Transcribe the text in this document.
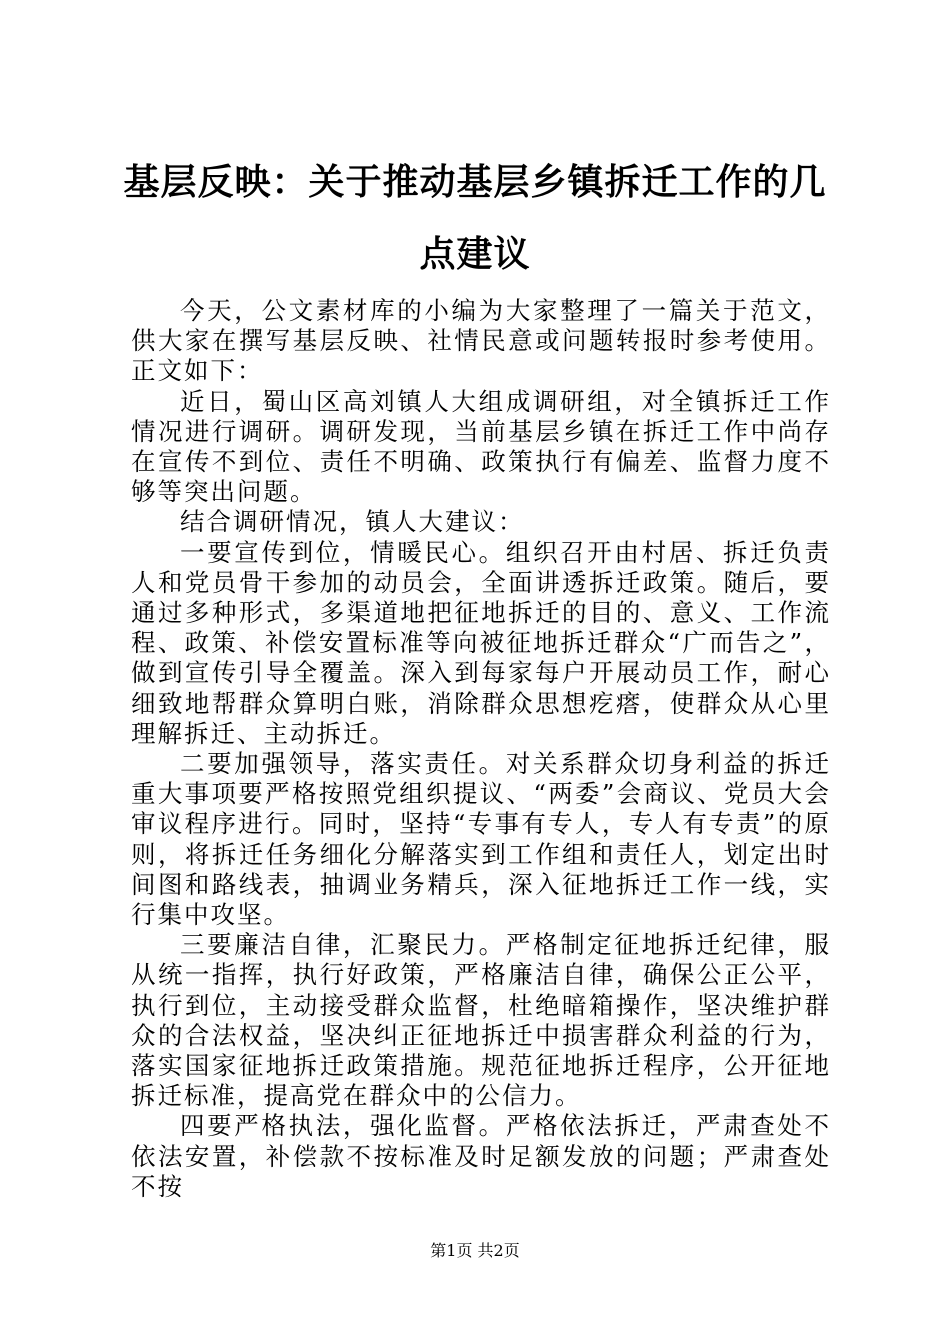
基层反映：关于推动基层乡镇拆迁工作的几点建议

今天，公文素材库的小编为大家整理了一篇关于范文，供大家在撰写基层反映、社情民意或问题转报时参考使用。正文如下：

近日，蜀山区高刘镇人大组成调研组，对全镇拆迁工作情况进行调研。调研发现，当前基层乡镇在拆迁工作中尚存在宣传不到位、责任不明确、政策执行有偏差、监督力度不够等突出问题。

结合调研情况，镇人大建议：

一要宣传到位，情暖民心。组织召开由村居、拆迁负责人和党员骨干参加的动员会，全面讲透拆迁政策。随后，要通过多种形式，多渠道地把征地拆迁的目的、意义、工作流程、政策、补偿安置标准等向被征地拆迁群众“广而告之”，做到宣传引导全覆盖。深入到每家每户开展动员工作，耐心细致地帮群众算明白账，消除群众思想疙瘩，使群众从心里理解拆迁、主动拆迁。

二要加强领导，落实责任。对关系群众切身利益的拆迁重大事项要严格按照党组织提议、“两委”会商议、党员大会审议程序进行。同时，坚持“专事有专人，专人有专责”的原则，将拆迁任务细化分解落实到工作组和责任人，划定出时间图和路线表，抽调业务精兵，深入征地拆迁工作一线，实行集中攻坚。

三要廉洁自律，汇聚民力。严格制定征地拆迁纪律，服从统一指挥，执行好政策，严格廉洁自律，确保公正公平，执行到位，主动接受群众监督，杜绝暗箱操作，坚决维护群众的合法权益，坚决纠正征地拆迁中损害群众利益的行为，落实国家征地拆迁政策措施。规范征地拆迁程序，公开征地拆迁标准，提高党在群众中的公信力。

四要严格执法，强化监督。严格依法拆迁，严肃查处不依法安置，补偿款不按标准及时足额发放的问题；严肃查处不按

第1页 共2页
